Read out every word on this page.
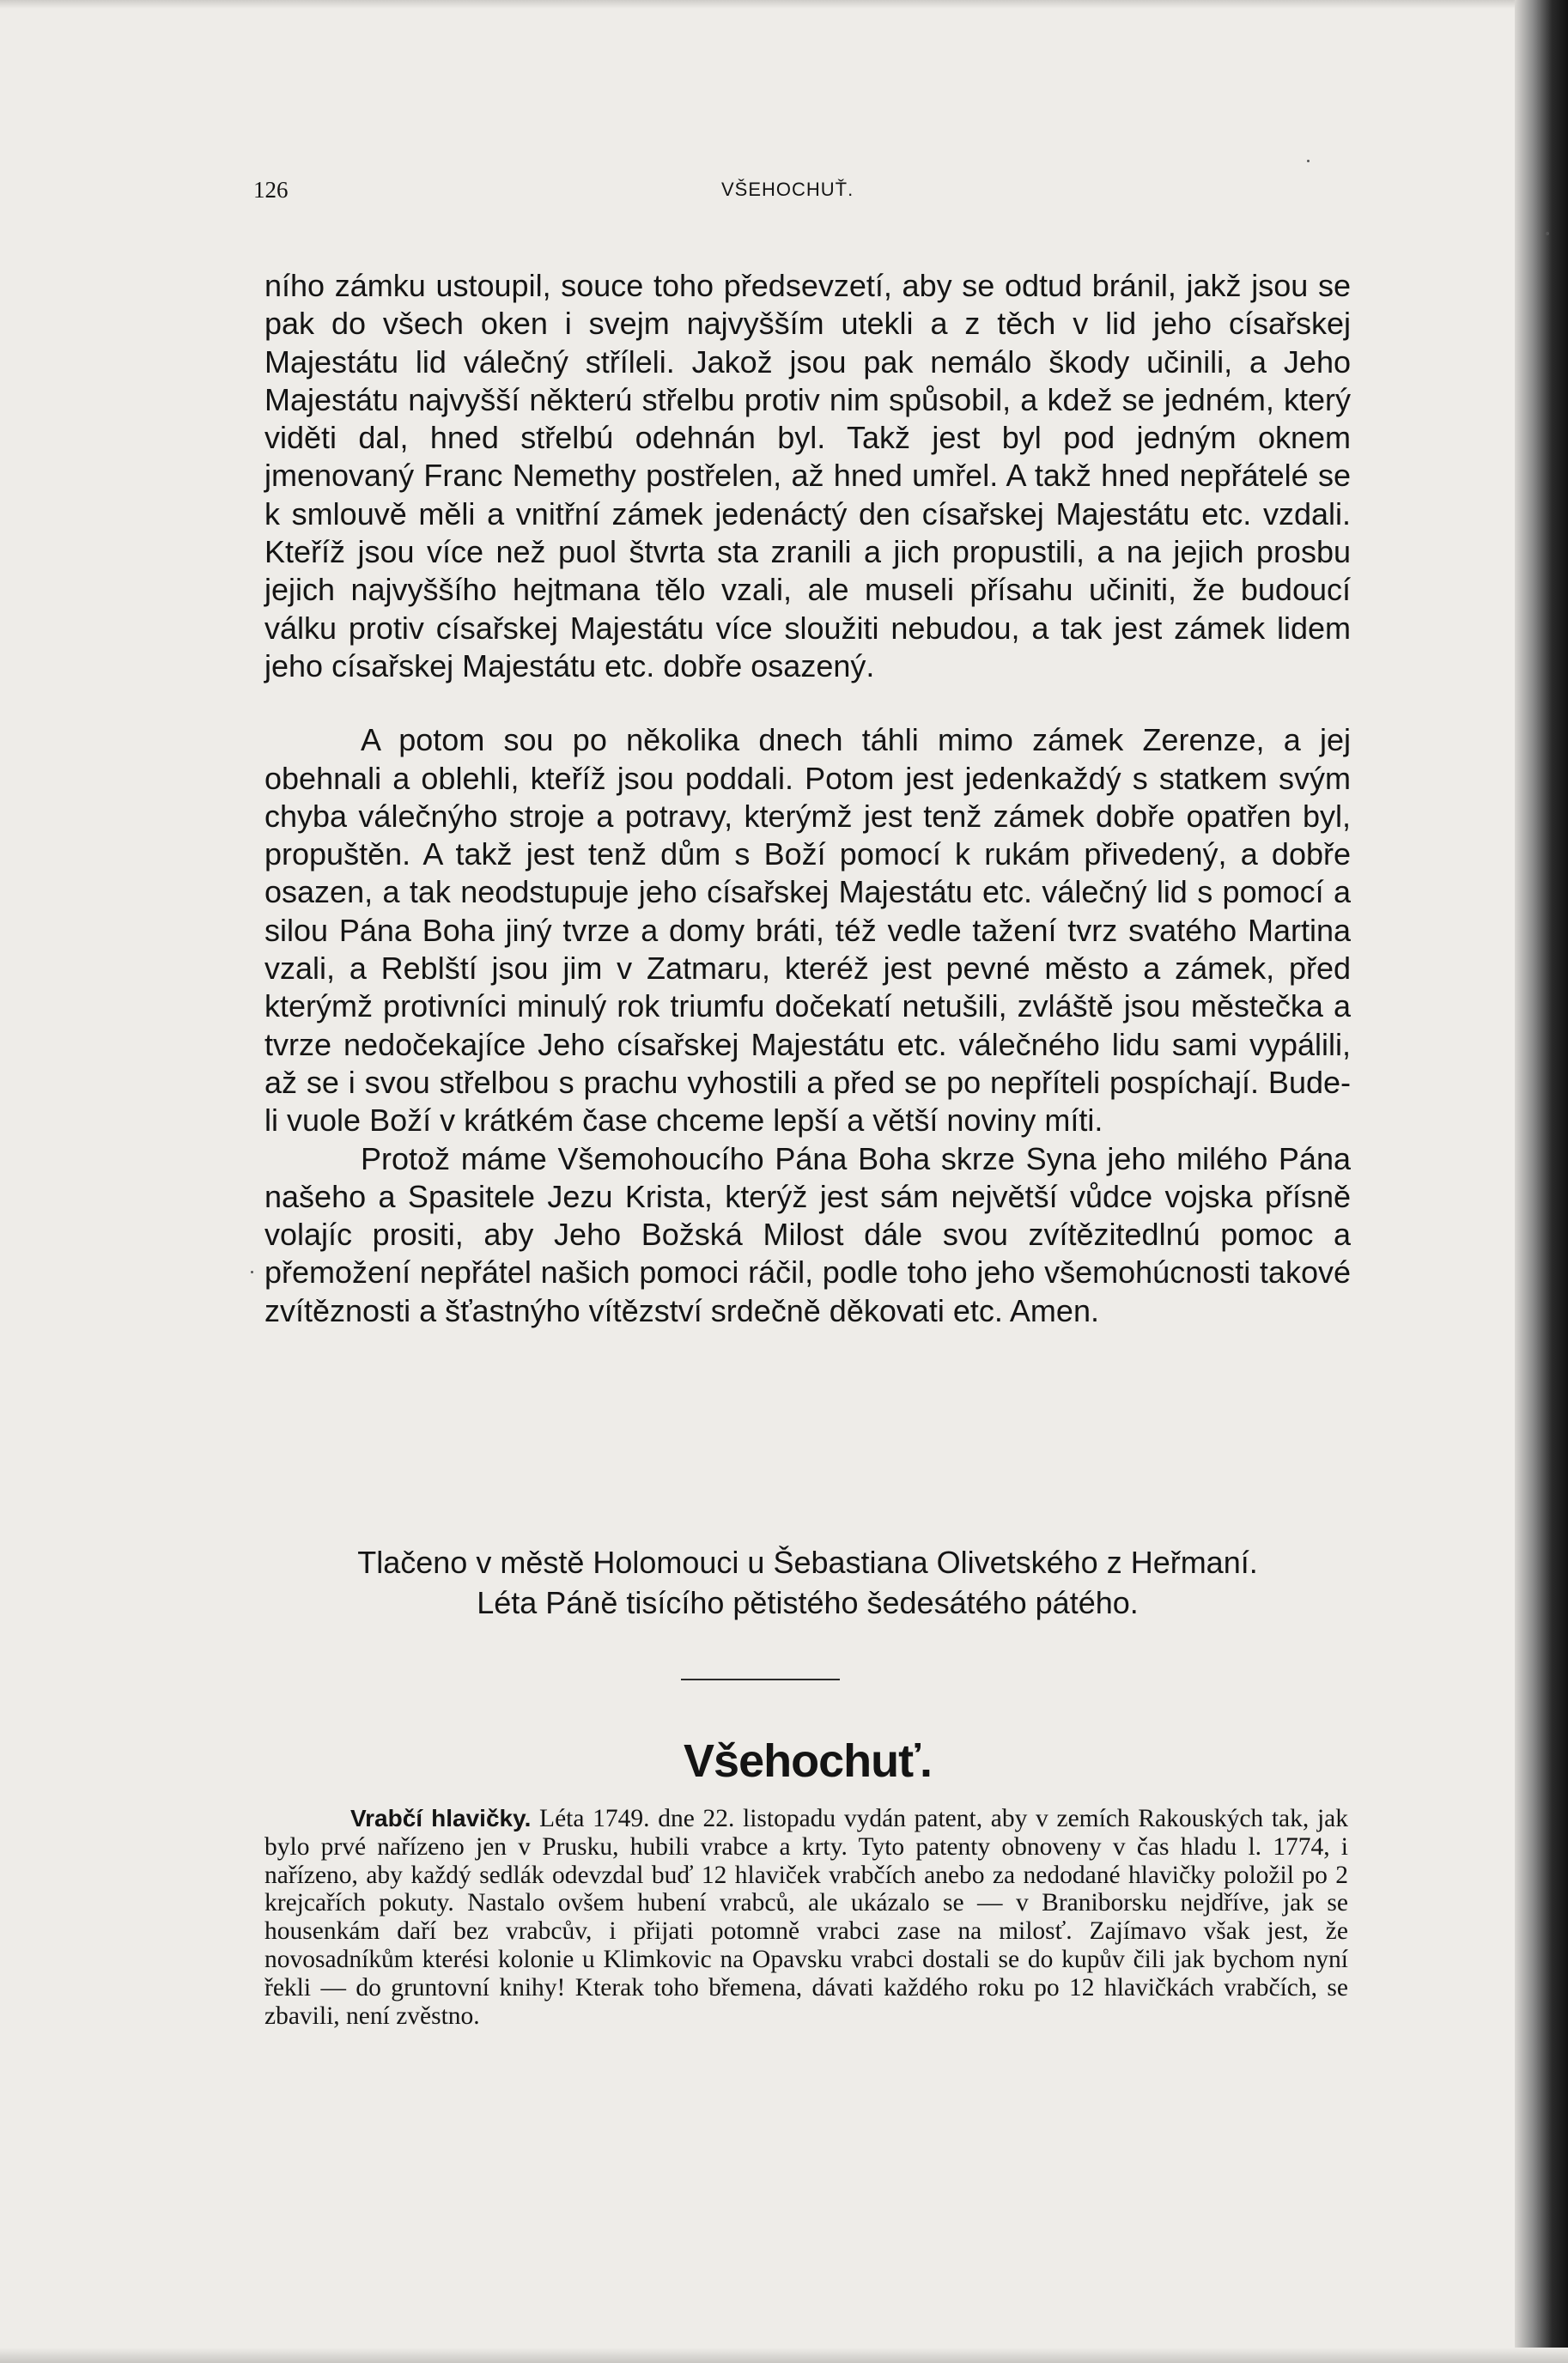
126	VŠEHOCHUŤ.

ního zámku ustoupil, souce toho předsevzetí, aby se odtud bránil, jakž jsou se pak do všech oken i svejm najvyšším utekli a z těch v lid jeho císařskej Majestátu lid válečný stříleli. Jakož jsou pak nemálo škody učinili, a Jeho Majestátu najvyšší některú střelbu protiv nim spůsobil, a kdež se jedném, který viděti dal, hned střelbú odehnán byl. Takž jest byl pod jedným oknem jmenovaný Franc Nemethy postřelen, až hned umřel. A takž hned nepřátelé se k smlouvě měli a vnitřní zámek jedenáctý den císařskej Majestátu etc. vzdali. Kteříž jsou více než puol štvrta sta zranili a jich propustili, a na jejich prosbu jejich najvyššího hejtmana tělo vzali, ale museli přísahu učiniti, že budoucí válku protiv císařskej Majestátu více sloužiti nebudou, a tak jest zámek lidem jeho císařskej Majestátu etc. dobře osazený.

A potom sou po několika dnech táhli mimo zámek Zerenze, a jej obehnali a oblehli, kteříž jsou poddali. Potom jest jedenkaždý s statkem svým chyba válečnýho stroje a potravy, kterýmž jest tenž zámek dobře opatřen byl, propuštěn. A takž jest tenž dům s Boží pomocí k rukám přivedený, a dobře osazen, a tak neodstupuje jeho císařskej Majestátu etc. válečný lid s pomocí a silou Pána Boha jiný tvrze a domy bráti, též vedle tažení tvrz svatého Martina vzali, a Reblští jsou jim v Zatmaru, kteréž jest pevné město a zámek, před kterýmž protivníci minulý rok triumfu dočekatí netušili, zvláště jsou městečka a tvrze nedočekajíce Jeho císařskej Majestátu etc. válečného lidu sami vypálili, až se i svou střelbou s prachu vyhostili a před se po nepříteli pospíchají. Bude-li vuole Boží v krátkém čase chceme lepší a větší noviny míti.

Protož máme Všemohoucího Pána Boha skrze Syna jeho milého Pána našeho a Spasitele Jezu Krista, kterýž jest sám největší vůdce vojska přísně volajíc prositi, aby Jeho Božská Milost dále svou zvítězitedlnú pomoc a přemožení nepřátel našich pomoci ráčil, podle toho jeho všemohúcnosti takové zvítěznosti a šťastnýho vítězství srdečně děkovati etc. Amen.

Tlačeno v městě Holomouci u Šebastiana Olivetského z Heřmaní.
Léta Páně tisícího pětistého šedesátého pátého.
Všehochuť.

Vrabčí hlavičky. Léta 1749. dne 22. listopadu vydán patent, aby v zemích Rakouských tak, jak bylo prvé nařízeno jen v Prusku, hubili vrabce a krty. Tyto patenty obnoveny v čas hladu l. 1774, i nařízeno, aby každý sedlák odevzdal buď 12 hlaviček vrabčích anebo za nedodané hlavičky položil po 2 krejcařích pokuty. Nastalo ovšem hubení vrabců, ale ukázalo se — v Braniborsku nejdříve, jak se housenkám daří bez vrabcův, i přijati potomně vrabci zase na milosť. Zajímavo však jest, že novosadníkům kterési kolonie u Klimkovic na Opavsku vrabci dostali se do kupův čili jak bychom nyní řekli — do gruntovní knihy! Kterak toho břemena, dávati každého roku po 12 hlavičkách vrabčích, se zbavili, není zvěstno.
